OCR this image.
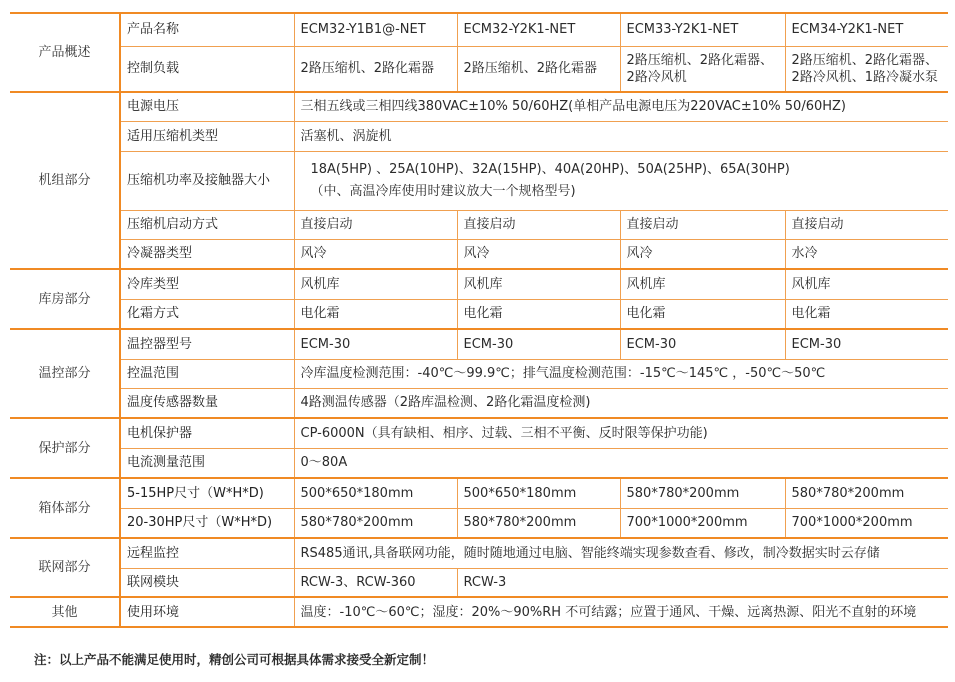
产品概述	产品名称	ECM32-Y1B1@-NET	ECM32-Y2K1-NET	ECM33-Y2K1-NET	ECM34-Y2K1-NET
	控制负载	2路压缩机、2路化霜器	2路压缩机、2路化霜器	2路压缩机、2路化霜器、2路冷风机	2路压缩机、2路化霜器、2路冷风机、1路冷凝水泵
机组部分	电源电压	三相五线或三相四线380VAC±10% 50/60HZ(单相产品电源电压为220VAC±10% 50/60HZ)			
	适用压缩机类型	活塞机、涡旋机			
	压缩机功率及接触器大小	18A(5HP) 、25A(10HP)、32A(15HP)、40A(20HP)、50A(25HP)、65A(30HP)
（中、高温冷库使用时建议放大一个规格型号)			

	压缩机启动方式	直接启动	直接启动	直接启动	直接启动
	冷凝器类型	风冷	风冷	风冷	水冷
库房部分	冷库类型	风机库	风机库	风机库	风机库
	化霜方式	电化霜	电化霜	电化霜	电化霜
温控部分	温控器型号	ECM-30	ECM-30	ECM-30	ECM-30
	控温范围	冷库温度检测范围：-40℃～99.9℃；排气温度检测范围：-15℃～145℃ ，-50℃～50℃			
	温度传感器数量	4路测温传感器（2路库温检测、2路化霜温度检测)			
保护部分	电机保护器	CP-6000N（具有缺相、相序、过载、三相不平衡、反时限等保护功能)			
	电流测量范围	0～80A			
箱体部分	5-15HP尺寸（W*H*D)	500*650*180mm	500*650*180mm	580*780*200mm	580*780*200mm
	20-30HP尺寸（W*H*D)	580*780*200mm	580*780*200mm	700*1000*200mm	700*1000*200mm
联网部分	远程监控	RS485通讯,具备联网功能，随时随地通过电脑、智能终端实现参数查看、修改，制冷数据实时云存储			
	联网模块	RCW-3、RCW-360	RCW-3		
其他	使用环境	温度：-10℃～60℃；湿度：20%～90%RH 不可结露；应置于通风、干燥、远离热源、阳光不直射的环境			
注：以上产品不能满足使用时，精创公司可根据具体需求接受全新定制！
